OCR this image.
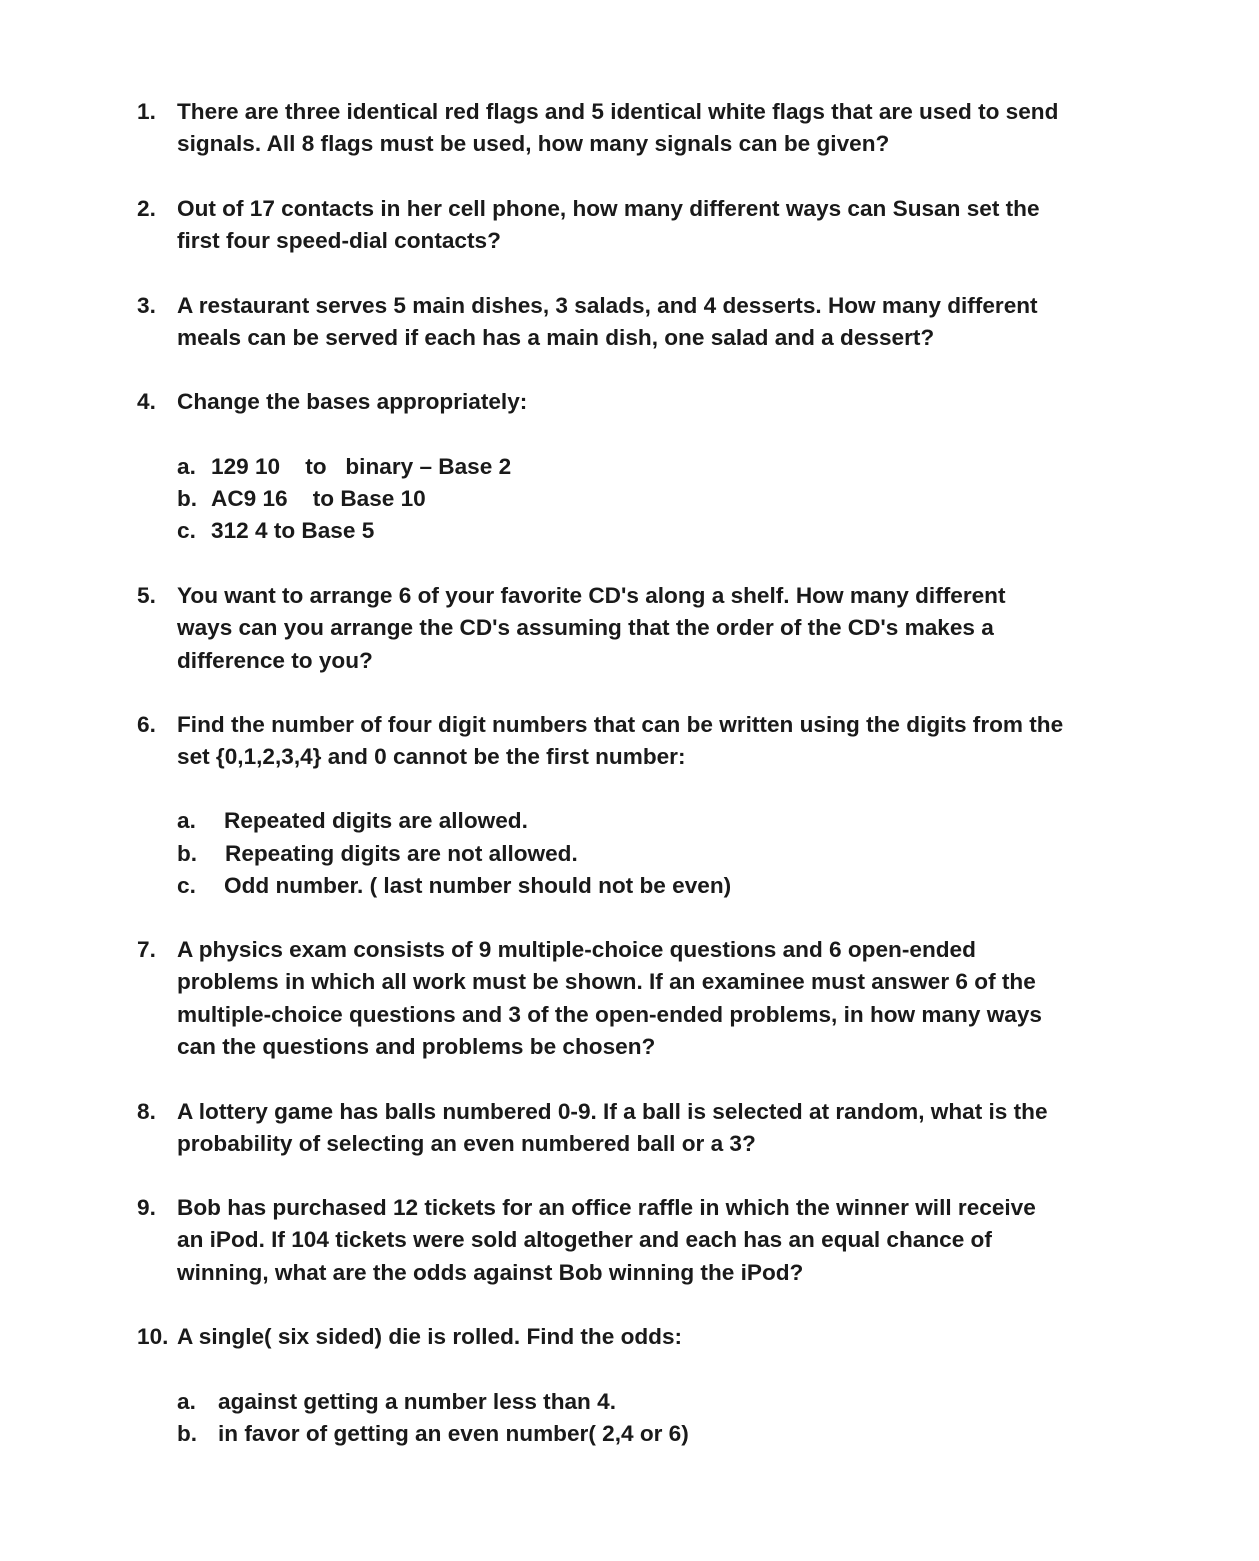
1. There are three identical red flags and 5 identical white flags that are used to send
signals. All 8 flags must be used, how many signals can be given?
2. Out of 17 contacts in her cell phone, how many different ways can Susan set the
first four speed-dial contacts?
3. A restaurant serves 5 main dishes, 3 salads, and 4 desserts. How many different
meals can be served if each has a main dish, one salad and a dessert?
4. Change the bases appropriately:
a. 129 10    to   binary – Base 2
b. AC9 16    to Base 10
c. 312 4 to Base 5
5. You want to arrange 6 of your favorite CD's along a shelf. How many different
ways can you arrange the CD's assuming that the order of the CD's makes a
difference to you?
6. Find the number of four digit numbers that can be written using the digits from the
set {0,1,2,3,4} and 0 cannot be the first number:
a. Repeated digits are allowed.
b. Repeating digits are not allowed.
c. Odd number. ( last number should not be even)
7. A physics exam consists of 9 multiple-choice questions and 6 open-ended
problems in which all work must be shown. If an examinee must answer 6 of the
multiple-choice questions and 3 of the open-ended problems, in how many ways
can the questions and problems be chosen?
8. A lottery game has balls numbered 0-9. If a ball is selected at random, what is the
probability of selecting an even numbered ball or a 3?
9. Bob has purchased 12 tickets for an office raffle in which the winner will receive
an iPod. If 104 tickets were sold altogether and each has an equal chance of
winning, what are the odds against Bob winning the iPod?
10. A single( six sided) die is rolled. Find the odds:
a. against getting a number less than 4.
b. in favor of getting an even number( 2,4 or 6)
